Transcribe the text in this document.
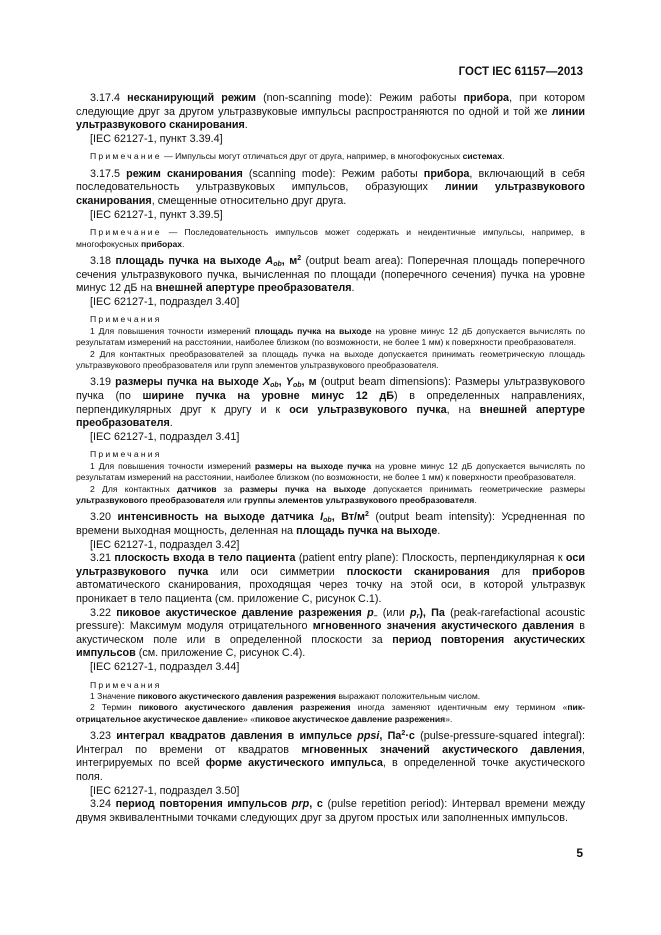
ГОСТ IEC 61157—2013

3.17.4 несканирующий режим (non-scanning mode): Режим работы прибора, при котором следующие друг за другом ультразвуковые импульсы распространяются по одной и той же линии ультразвукового сканирования.

[IEC 62127-1, пункт 3.39.4]

Примечание — Импульсы могут отличаться друг от друга, например, в многофокусных системах.

3.17.5 режим сканирования (scanning mode): Режим работы прибора, включающий в себя последовательность ультразвуковых импульсов, образующих линии ультразвукового сканирования, смещенные относительно друг друга.

[IEC 62127-1, пункт 3.39.5]

Примечание — Последовательность импульсов может содержать и неидентичные импульсы, например, в многофокусных приборах.

3.18 площадь пучка на выходе $A_{ob}$, $м^2$ (output beam area): Поперечная площадь поперечного сечения ультразвукового пучка, вычисленная по площади (поперечного сечения) пучка на уровне минус 12 дБ на внешней апертуре преобразователя.

[IEC 62127-1, подраздел 3.40]

Примечания

1 Для повышения точности измерений площадь пучка на выходе на уровне минус 12 дБ допускается вычислять по результатам измерений на расстоянии, наиболее близком (по возможности, не более 1 мм) к поверхности преобразователя.

2 Для контактных преобразователей за площадь пучка на выходе допускается принимать геометрическую площадь ультразвукового преобразователя или групп элементов ультразвукового преобразователя.

3.19 размеры пучка на выходе $X_{ob}$, $Y_{ob}$, м (output beam dimensions): Размеры ультразвукового пучка (по ширине пучка на уровне минус 12 дБ) в определенных направлениях, перпендикулярных друг к другу и к оси ультразвукового пучка, на внешней апертуре преобразователя.

[IEC 62127-1, подраздел 3.41]

Примечания

1 Для повышения точности измерений размеры на выходе пучка на уровне минус 12 дБ допускается вычислять по результатам измерений на расстоянии, наиболее близком (по возможности, не более 1 мм) к поверхности преобразователя.

2 Для контактных датчиков за размеры пучка на выходе допускается принимать геометрические размеры ультразвукового преобразователя или группы элементов ультразвукового преобразователя.

3.20 интенсивность на выходе датчика $I_{ob}$, $Вт/м^2$ (output beam intensity): Усредненная по времени выходная мощность, деленная на площадь пучка на выходе.

[IEC 62127-1, подраздел 3.42]

3.21 плоскость входа в тело пациента (patient entry plane): Плоскость, перпендикулярная к оси ультразвукового пучка или оси симметрии плоскости сканирования для приборов автоматического сканирования, проходящая через точку на этой оси, в которой ультразвук проникает в тело пациента (см. приложение С, рисунок С.1).

3.22 пиковое акустическое давление разрежения $p_-$ (или $p_r$), Па (peak-rarefactional acoustic pressure): Максимум модуля отрицательного мгновенного значения акустического давления в акустическом поле или в определенной плоскости за период повторения акустических импульсов (см. приложение С, рисунок С.4).

[IEC 62127-1, подраздел 3.44]

Примечания

1 Значение пикового акустического давления разрежения выражают положительным числом.

2 Термин пикового акустического давления разрежения иногда заменяют идентичным ему термином «пик-отрицательное акустическое давление» «пиковое акустическое давление разрежения».

3.23 интеграл квадратов давления в импульсе ppsi, $Па^2\cdot с$ (pulse-pressure-squared integral): Интеграл по времени от квадратов мгновенных значений акустического давления, интегрируемых по всей форме акустического импульса, в определенной точке акустического поля.

[IEC 62127-1, подраздел 3.50]

3.24 период повторения импульсов prp, с (pulse repetition period): Интервал времени между двумя эквивалентными точками следующих друг за другом простых или заполненных импульсов.

5
